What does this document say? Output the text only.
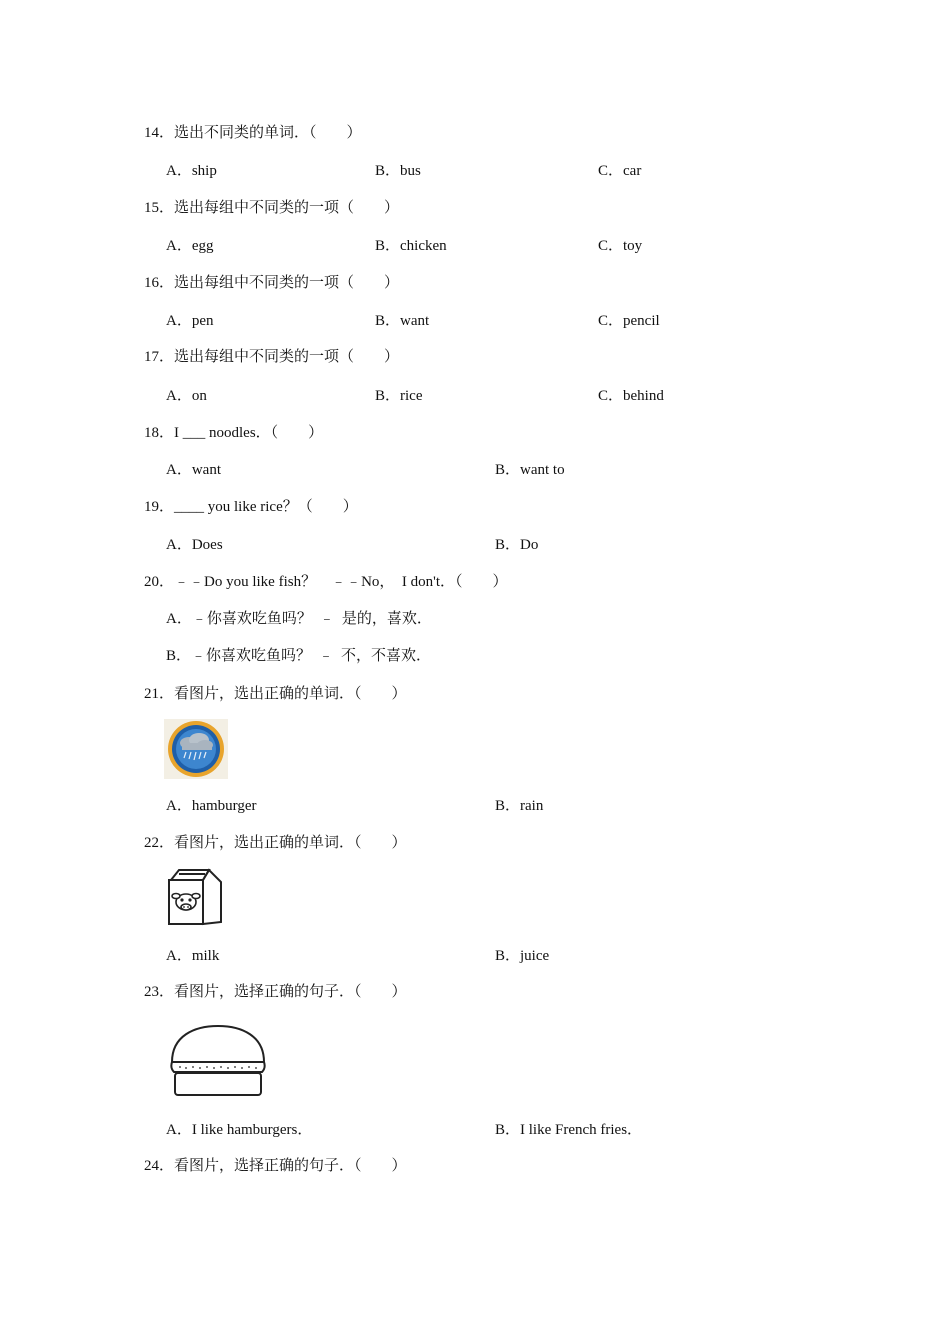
14．选出不同类的单词．（　　）
A．ship	B．bus	C．car
15．选出每组中不同类的一项（　　）
A．egg	B．chicken	C．toy
16．选出每组中不同类的一项（　　）
A．pen	B．want	C．pencil
17．选出每组中不同类的一项（　　）
A．on	B．rice	C．behind
18．I ___ noodles．（　　）
A．want	B．want to
19．____ you like rice？（　　）
A．Does	B．Do
20．﹣﹣Do you like fish？　﹣﹣No，  I don't．（　　）
A．﹣你喜欢吃鱼吗？  ﹣  是的，喜欢．
B．﹣你喜欢吃鱼吗？  ﹣  不，不喜欢．
21．看图片，选出正确的单词．（　　）
A．hamburger	B．rain
22．看图片，选出正确的单词．（　　）
A．milk	B．juice
23．看图片，选择正确的句子．（　　）
A．I like hamburgers．	B．I like French fries．
24．看图片，选择正确的句子．（　　）
